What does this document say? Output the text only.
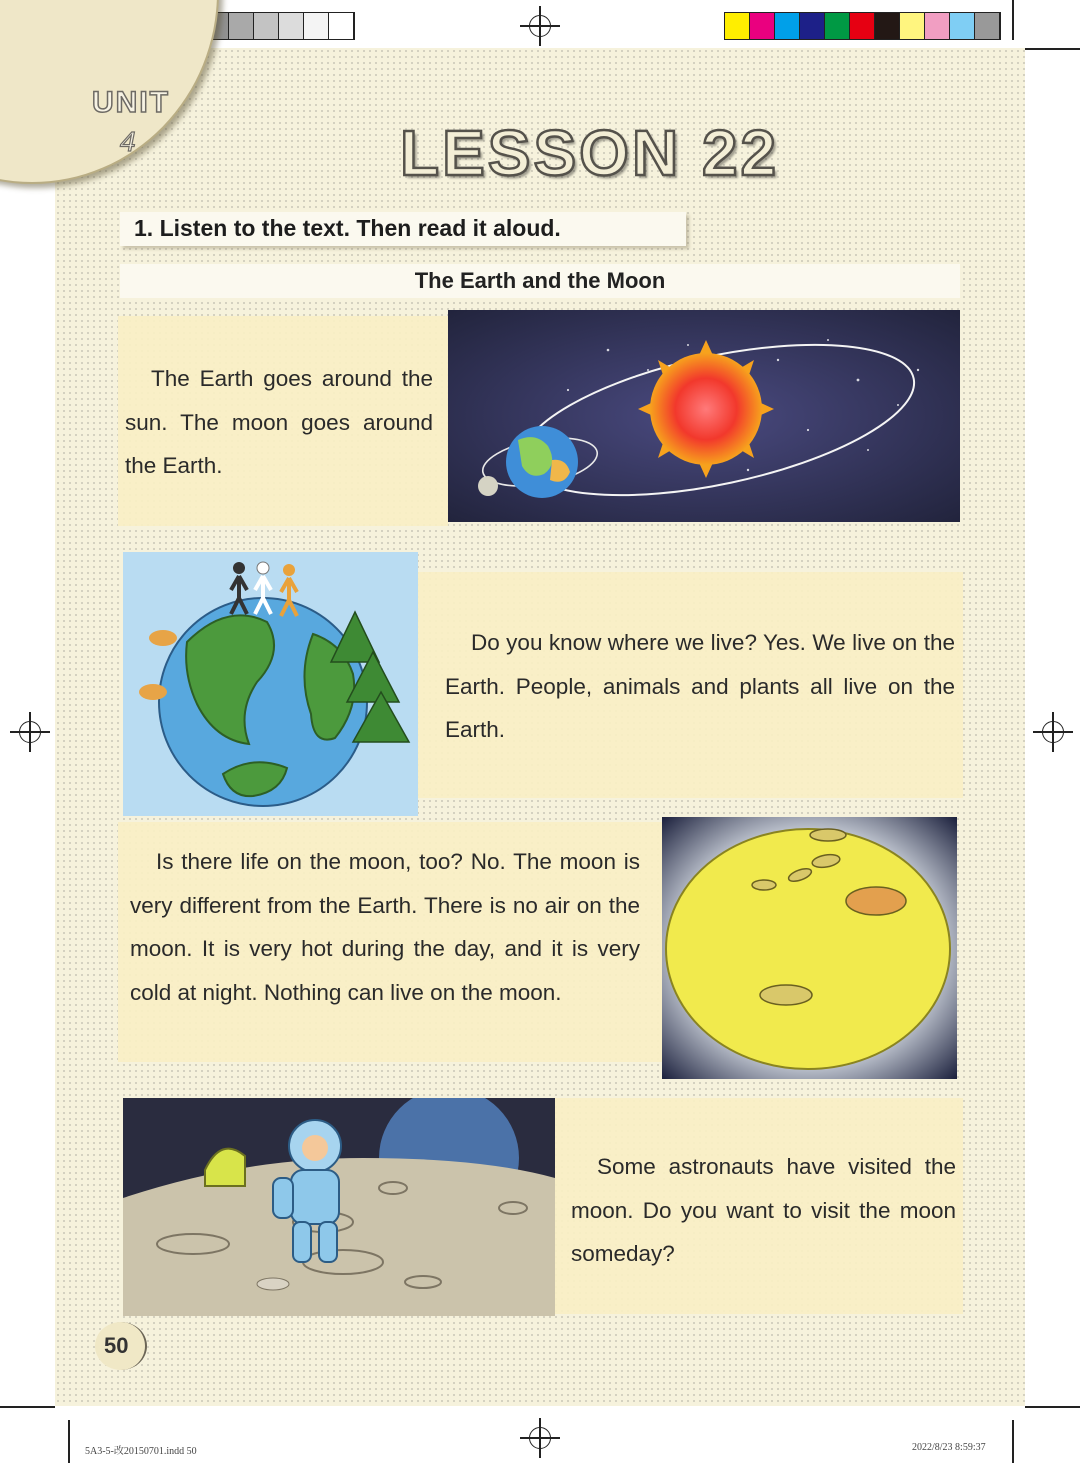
UNIT
4	LESSON 22
1. Listen to the text. Then read it aloud.
The Earth and the Moon
The Earth goes around the sun. The moon goes around the Earth.
Do you know where we live? Yes. We live on the Earth. People, animals and plants all live on the Earth.
Is there life on the moon, too? No. The moon is very different from the Earth. There is no air on the moon. It is very hot during the day, and it is very cold at night. Nothing can live on the moon.
Some astronauts have visited the moon. Do you want to visit the moon someday?
50
5A3-5-改20150701.indd 50	2022/8/23 8:59:37
